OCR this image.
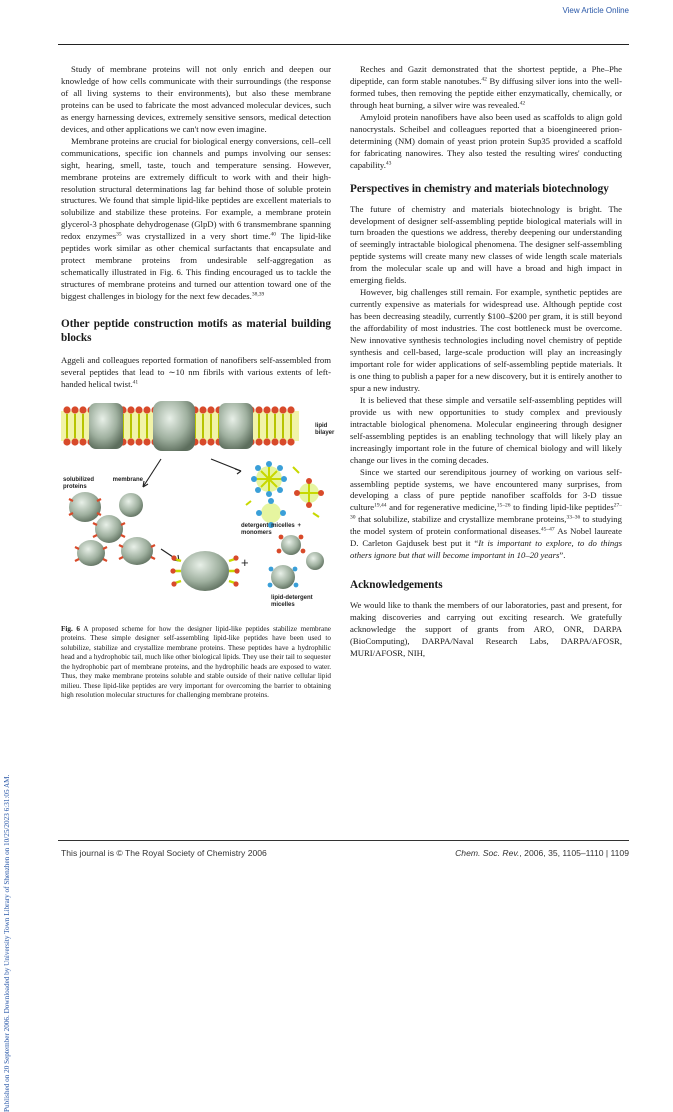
View Article Online
Published on 20 September 2006. Downloaded by University Town Library of Shenzhen on 10/25/2023 6:31:05 AM.

Study of membrane proteins will not only enrich and deepen our knowledge of how cells communicate with their surroundings (the response of all living systems to their environments), but also these membrane proteins can be used to fabricate the most advanced molecular devices, such as energy harnessing devices, extremely sensitive sensors, medical detection devices, and other applications we can't now even imagine.

Membrane proteins are crucial for biological energy conversions, cell–cell communications, specific ion channels and pumps involving our senses: sight, hearing, smell, taste, touch and temperature sensing. However, membrane proteins are extremely difficult to work with and their high-resolution structural determinations lag far behind those of soluble protein structures. We found that simple lipid-like peptides are excellent materials to solubilize and stabilize these proteins. For example, a membrane protein glycerol-3 phosphate dehydrogenase (GlpD) with 6 transmembrane spanning redox enzymes$^{35}$ was crystallized in a very short time.$^{40}$ The lipid-like peptides work similar as other chemical surfactants that encapsulate and protect membrane proteins from undesirable self-aggregation as schematically illustrated in Fig. 6. This finding encouraged us to tackle the structures of membrane proteins and turned our attention toward one of the biggest challenges in biology for the next few decades.$^{38,39}$

Other peptide construction motifs as material building blocks

Aggeli and colleagues reported formation of nanofibers self-assembled from several peptides that lead to ∼10 nm fibrils with various extents of left-handed helical twist.$^{41}$

+
lipid bilayer
solubilized membrane proteins
detergent micelles + monomers
lipid-detergent micelles
Fig. 6 A proposed scheme for how the designer lipid-like peptides stabilize membrane proteins. These simple designer self-assembling lipid-like peptides have been used to solubilize, stabilize and crystallize membrane proteins. These peptides have a hydrophilic head and a hydrophobic tail, much like other biological lipids. They use their tail to sequester the hydrophobic part of membrane proteins, and the hydrophilic heads are exposed to water. Thus, they make membrane proteins soluble and stable outside of their native cellular lipid milieu. These lipid-like peptides are very important for overcoming the barrier to obtaining high resolution molecular structures for challenging membrane proteins.

Reches and Gazit demonstrated that the shortest peptide, a Phe–Phe dipeptide, can form stable nanotubes.$^{42}$ By diffusing silver ions into the well-formed tubes, then removing the peptide either enzymatically, chemically, or through heat burning, a silver wire was revealed.$^{42}$

Amyloid protein nanofibers have also been used as scaffolds to align gold nanocrystals. Scheibel and colleagues reported that a bioengineered prion-determining (NM) domain of yeast prion protein Sup35 provided a scaffold for fabricating nanowires. They also tested the resulting wires' conducting capability.$^{43}$

Perspectives in chemistry and materials biotechnology

The future of chemistry and materials biotechnology is bright. The development of designer self-assembling peptide biological materials will in turn broaden the questions we address, thereby deepening our understanding of seemingly intractable biological phenomena. The designer self-assembling peptide systems will create many new classes of wide length scale materials from the molecular scale up and will have a broad and high impact in emerging fields.

However, big challenges still remain. For example, synthetic peptides are currently expensive as materials for widespread use. Although peptide cost has been decreasing steadily, currently $100–$200 per gram, it is still beyond the affordability of most industries. The cost bottleneck must be overcome. New innovative synthesis technologies including novel chemistry of peptide synthesis and cell-based, large-scale production will play an increasingly important role for wider applications of self-assembling peptide materials. It is one thing to publish a paper for a new discovery, but it is entirely another to spur a new industry.

It is believed that these simple and versatile self-assembling peptides will provide us with new opportunities to study complex and previously intractable biological phenomena. Molecular engineering through designer self-assembling peptides is an enabling technology that will likely play an increasingly important role in the future of chemical biology and will likely change our lives in the coming decades.

Since we started our serendipitous journey of working on various self-assembling peptide systems, we have encountered many surprises, from developing a class of pure peptide nanofiber scaffolds for 3-D tissue culture$^{19,44}$ and for regenerative medicine,$^{15-26}$ to finding lipid-like peptides$^{27-30}$ that solubilize, stabilize and crystallize membrane proteins,$^{33-36}$ to studying the model system of protein conformational diseases.$^{45-47}$ As Nobel laureate D. Carleton Gajdusek best put it “It is important to explore, to do things others ignore but that will become important in 10–20 years”.

Acknowledgements

We would like to thank the members of our laboratories, past and present, for making discoveries and carrying out exciting research. We gratefully acknowledge the support of grants from ARO, ONR, DARPA (BioComputing), DARPA/Naval Research Labs, DARPA/AFOSR, MURI/AFOSR, NIH,

This journal is © The Royal Society of Chemistry 2006	Chem. Soc. Rev., 2006, 35, 1105–1110 | 1109
